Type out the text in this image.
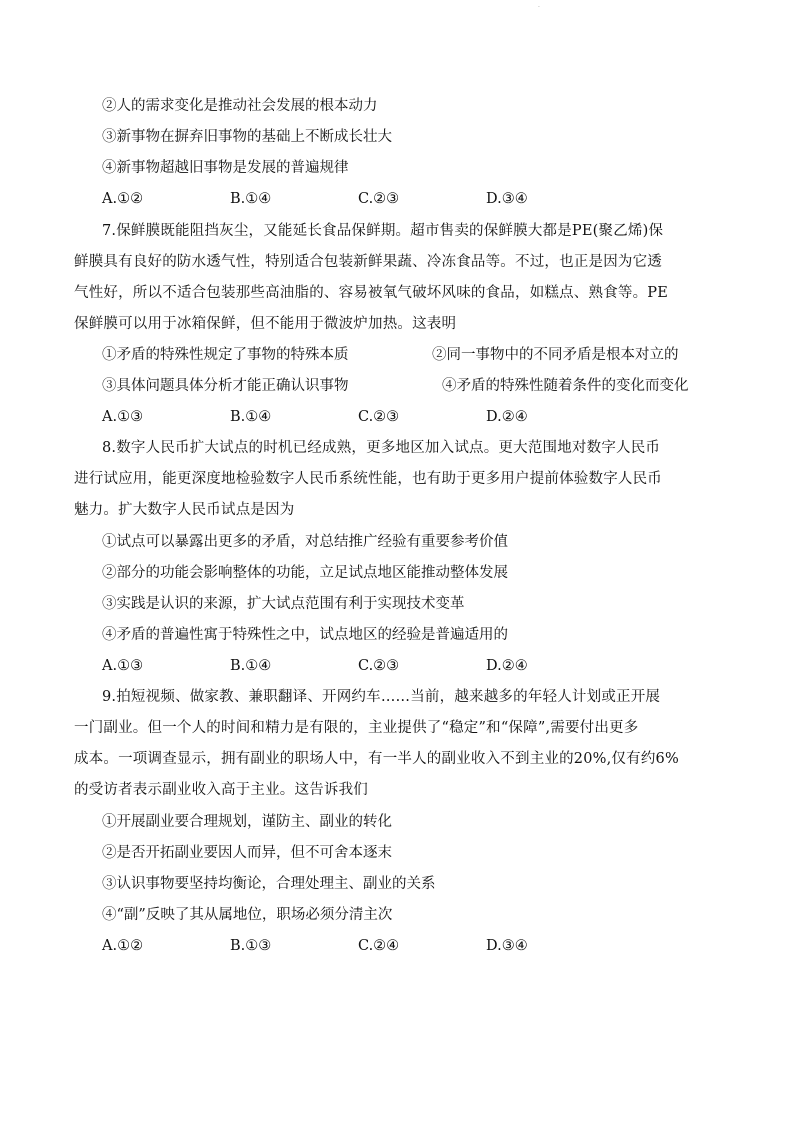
·
②人的需求变化是推动社会发展的根本动力
③新事物在摒弃旧事物的基础上不断成长壮大
④新事物超越旧事物是发展的普遍规律
A.①②	B.①④	C.②③	D.③④
7.保鲜膜既能阻挡灰尘，又能延长食品保鲜期。超市售卖的保鲜膜大都是PE(聚乙烯)保
鲜膜具有良好的防水透气性，特别适合包装新鲜果蔬、冷冻食品等。不过，也正是因为它透
气性好，所以不适合包装那些高油脂的、容易被氧气破坏风味的食品，如糕点、熟食等。PE
保鲜膜可以用于冰箱保鲜，但不能用于微波炉加热。这表明
①矛盾的特殊性规定了事物的特殊本质	②同一事物中的不同矛盾是根本对立的
③具体问题具体分析才能正确认识事物	④矛盾的特殊性随着条件的变化而变化
A.①③	B.①④	C.②③	D.②④
8.数字人民币扩大试点的时机已经成熟，更多地区加入试点。更大范围地对数字人民币
进行试应用，能更深度地检验数字人民币系统性能，也有助于更多用户提前体验数字人民币
魅力。扩大数字人民币试点是因为
①试点可以暴露出更多的矛盾，对总结推广经验有重要参考价值
②部分的功能会影响整体的功能，立足试点地区能推动整体发展
③实践是认识的来源，扩大试点范围有利于实现技术变革
④矛盾的普遍性寓于特殊性之中，试点地区的经验是普遍适用的
A.①③	B.①④	C.②③	D.②④
9.拍短视频、做家教、兼职翻译、开网约车……当前，越来越多的年轻人计划或正开展
一门副业。但一个人的时间和精力是有限的，主业提供了“稳定”和“保障”,需要付出更多
成本。一项调查显示，拥有副业的职场人中，有一半人的副业收入不到主业的20%,仅有约6%
的受访者表示副业收入高于主业。这告诉我们
①开展副业要合理规划，谨防主、副业的转化
②是否开拓副业要因人而异，但不可舍本逐末
③认识事物要坚持均衡论，合理处理主、副业的关系
④“副”反映了其从属地位，职场必须分清主次
A.①②	B.①③	C.②④	D.③④
